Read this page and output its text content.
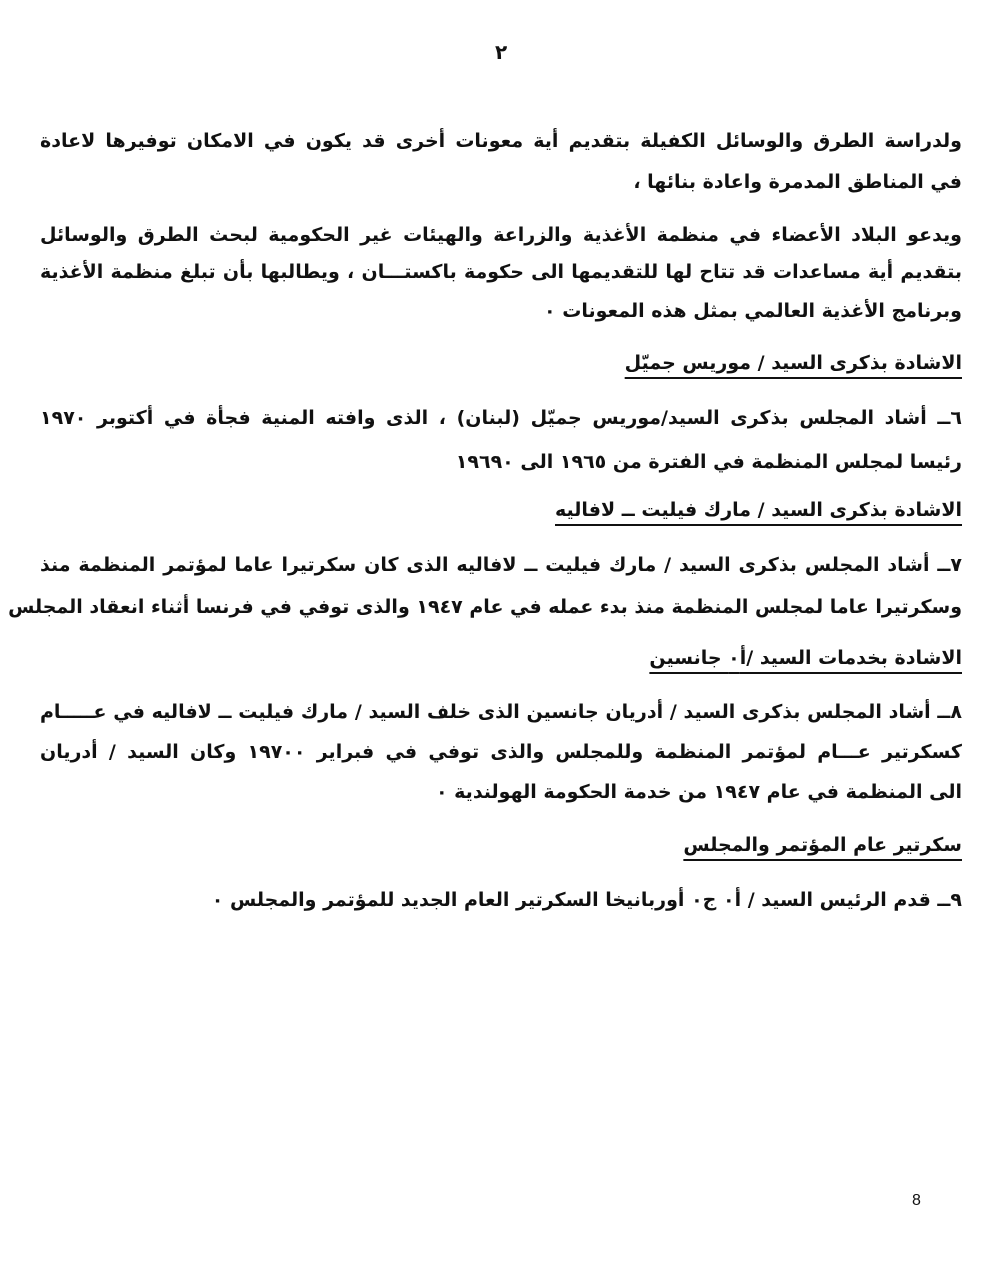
٢
ولدراسة الطرق والوسائل الكفيلة بتقديم أية معونات أخرى قد يكون في الامكان توفيرها لاعادة
في المناطق المدمرة واعادة بنائها ،
ويدعو البلاد الأعضاء في منظمة الأغذية والزراعة والهيئات غير الحكومية لبحث الطرق والوسائل
بتقديم أية مساعدات قد تتاح لها للتقديمها الى حكومة باكستـــان ، ويطالبها بأن تبلغ منظمة الأغذية
وبرنامج الأغذية العالمي بمثل هذه المعونات ٠
الاشادة بذكرى السيد / موريس جميّل
٦ــ أشاد المجلس بذكرى السيد/موريس جميّل (لبنان) ، الذى وافته المنية فجأة في أكتوبر ١٩٧٠
رئيسا لمجلس المنظمة في الفترة من ١٩٦٥ الى ١٩٦٩٠
الاشادة بذكرى السيد / مارك فيليت ــ لافاليه
٧ــ أشاد المجلس بذكرى السيد / مارك فيليت ــ لافاليه الذى كان سكرتيرا عاما لمؤتمر المنظمة منذ
وسكرتيرا عاما لمجلس المنظمة منذ بدء عمله في عام ١٩٤٧ والذى توفي في فرنسا أثناء انعقاد المجلس
الاشادة بخدمات السيد /أ٠ جانسين
٨ــ أشاد المجلس بذكرى السيد / أدريان جانسين الذى خلف السيد / مارك فيليت ــ لافاليه في عـــــام
كسكرتير عـــام لمؤتمر المنظمة وللمجلس والذى توفي في فبراير ١٩٧٠٠ وكان السيد / أدريان
الى المنظمة في عام ١٩٤٧ من خدمة الحكومة الهولندية ٠
سكرتير عام المؤتمر والمجلس
٩ــ قدم الرئيس السيد / أ٠ ج٠ أوربانيخا السكرتير العام الجديد للمؤتمر والمجلس ٠
8
